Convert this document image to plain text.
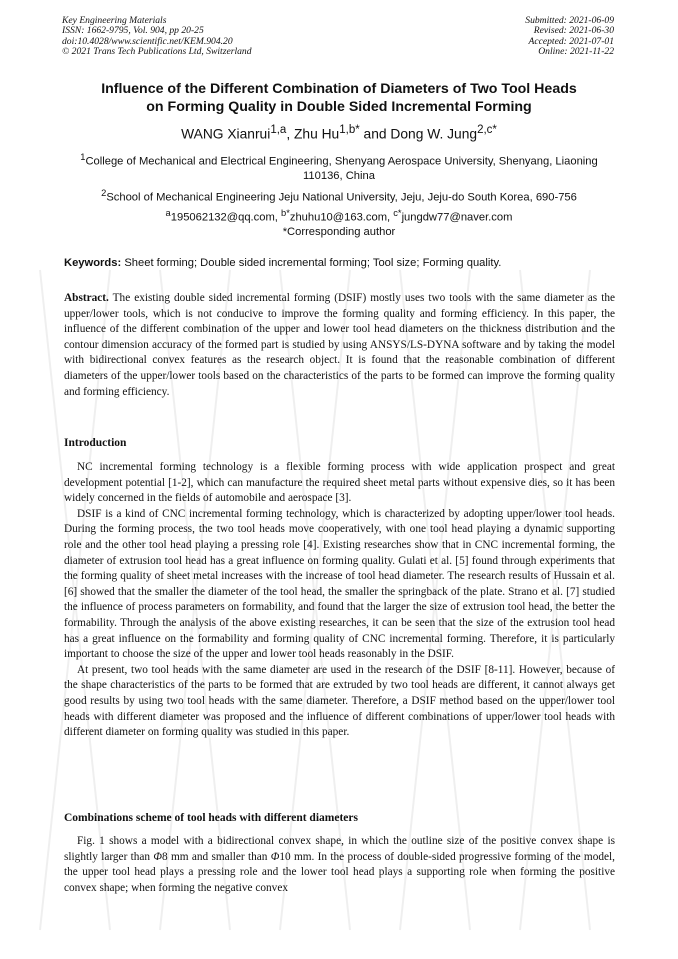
Key Engineering Materials
ISSN: 1662-9795, Vol. 904, pp 20-25
doi:10.4028/www.scientific.net/KEM.904.20
© 2021 Trans Tech Publications Ltd, Switzerland
Submitted: 2021-06-09
Revised: 2021-06-30
Accepted: 2021-07-01
Online: 2021-11-22
Influence of the Different Combination of Diameters of Two Tool Heads
on Forming Quality in Double Sided Incremental Forming
WANG Xianrui$^{1,a}$, Zhu $Hu^{1,b*}$ and Dong W. Jung$^{2,c*}$
$^1$College of Mechanical and Electrical Engineering, Shenyang Aerospace University, Shenyang, Liaoning 110136, China
$^2$School of Mechanical Engineering Jeju National University, Jeju, Jeju-do South Korea, 690-756
$^a$195062132@qq.com, $^{b*}$zhuhu10@163.com, $^{c*}$jungdw77@naver.com
*Corresponding author
Keywords: Sheet forming; Double sided incremental forming; Tool size; Forming quality.
Abstract. The existing double sided incremental forming (DSIF) mostly uses two tools with the same diameter as the upper/lower tools, which is not conducive to improve the forming quality and forming efficiency. In this paper, the influence of the different combination of the upper and lower tool head diameters on the thickness distribution and the contour dimension accuracy of the formed part is studied by using ANSYS/LS-DYNA software and by taking the model with bidirectional convex features as the research object. It is found that the reasonable combination of different diameters of the upper/lower tools based on the characteristics of the parts to be formed can improve the forming quality and forming efficiency.
Introduction

NC incremental forming technology is a flexible forming process with wide application prospect and great development potential [1-2], which can manufacture the required sheet metal parts without expensive dies, so it has been widely concerned in the fields of automobile and aerospace [3].

DSIF is a kind of CNC incremental forming technology, which is characterized by adopting upper/lower tool heads. During the forming process, the two tool heads move cooperatively, with one tool head playing a dynamic supporting role and the other tool head playing a pressing role [4]. Existing researches show that in CNC incremental forming, the diameter of extrusion tool head has a great influence on forming quality. Gulati et al. [5] found through experiments that the forming quality of sheet metal increases with the increase of tool head diameter. The research results of Hussain et al. [6] showed that the smaller the diameter of the tool head, the smaller the springback of the plate. Strano et al. [7] studied the influence of process parameters on formability, and found that the larger the size of extrusion tool head, the better the formability. Through the analysis of the above existing researches, it can be seen that the size of the extrusion tool head has a great influence on the formability and forming quality of CNC incremental forming. Therefore, it is particularly important to choose the size of the upper and lower tool heads reasonably in the DSIF.

At present, two tool heads with the same diameter are used in the research of the DSIF [8-11]. However, because of the shape characteristics of the parts to be formed that are extruded by two tool heads are different, it cannot always get good results by using two tool heads with the same diameter. Therefore, a DSIF method based on the upper/lower tool heads with different diameter was proposed and the influence of different combinations of upper/lower tool heads with different diameter on forming quality was studied in this paper.

Combinations scheme of tool heads with different diameters

Fig. 1 shows a model with a bidirectional convex shape, in which the outline size of the positive convex shape is slightly larger than Φ8 mm and smaller than Φ10 mm. In the process of double-sided progressive forming of the model, the upper tool head plays a pressing role and the lower tool head plays a supporting role when forming the positive convex shape; when forming the negative convex
